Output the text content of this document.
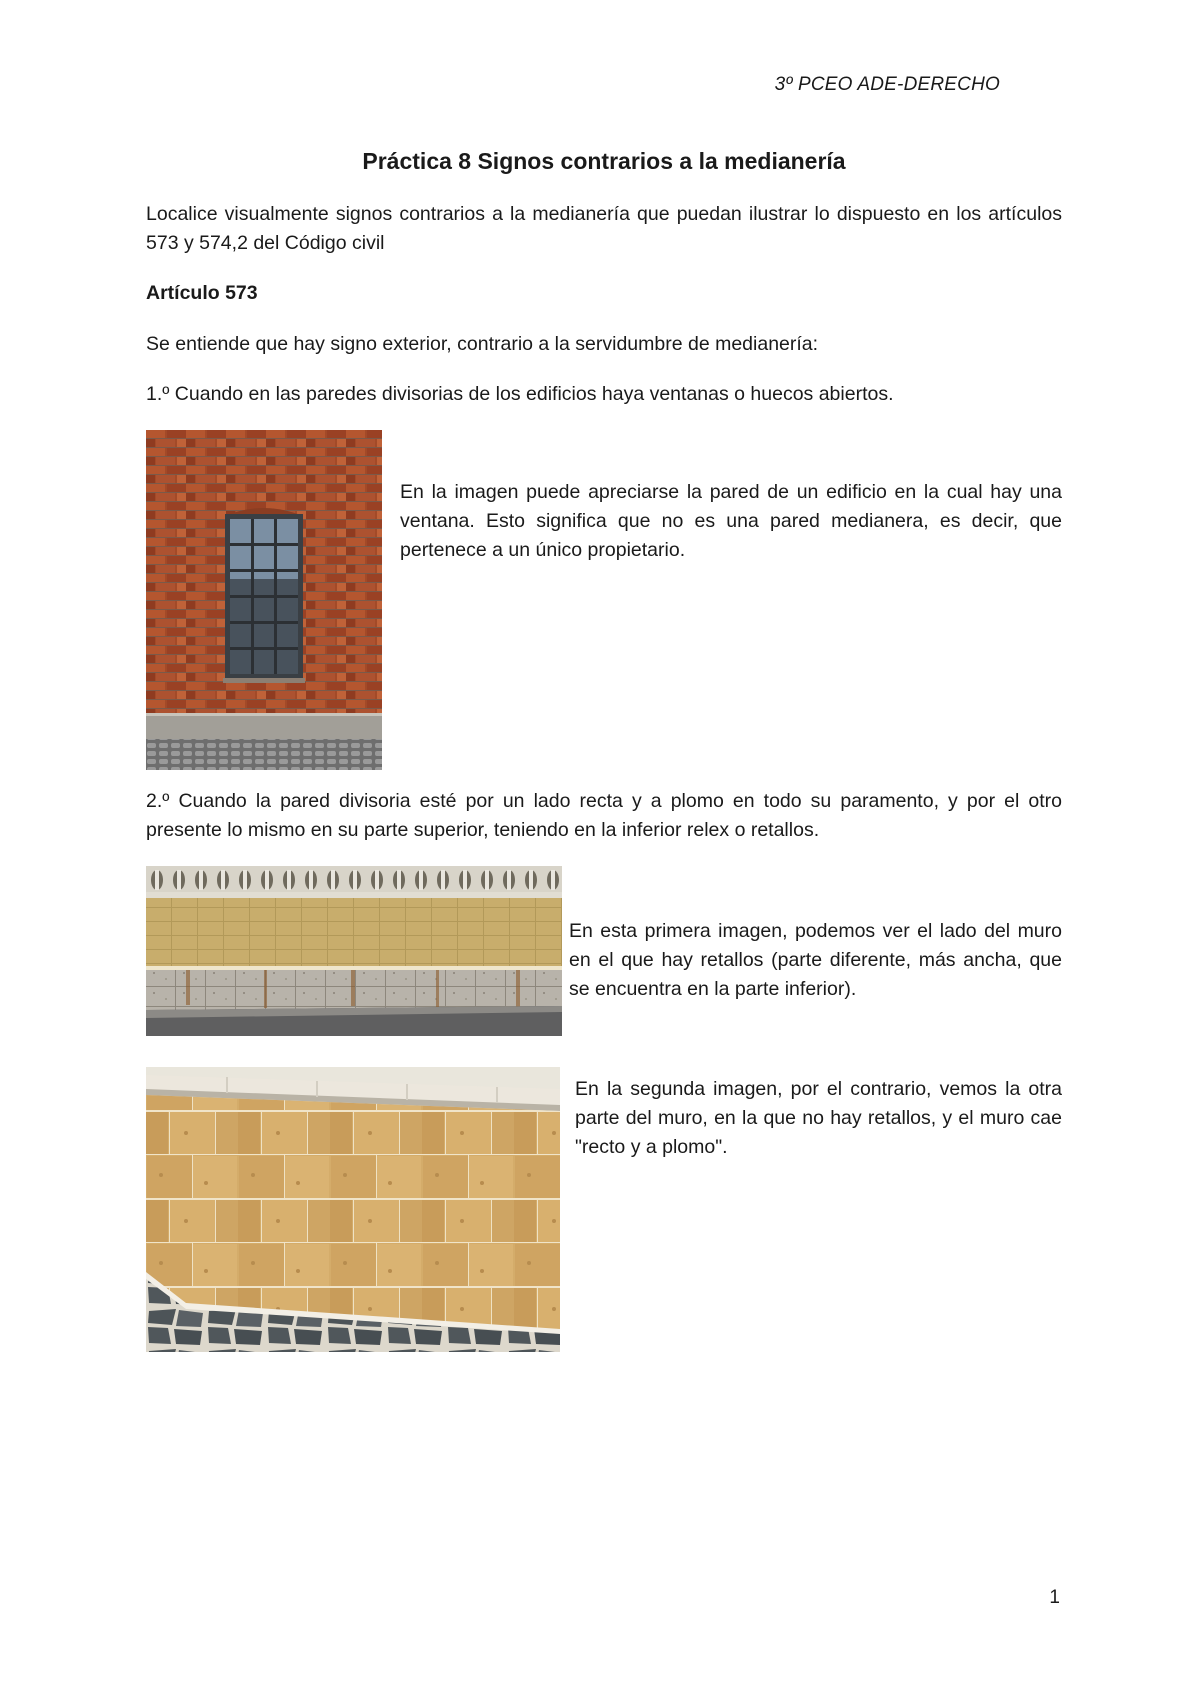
3º PCEO ADE-DERECHO
Práctica 8 Signos contrarios a la medianería
Localice visualmente signos contrarios a la medianería que puedan ilustrar lo dispuesto en los artículos 573 y 574,2 del Código civil
Artículo 573
Se entiende que hay signo exterior, contrario a la servidumbre de medianería:
1.º Cuando en las paredes divisorias de los edificios haya ventanas o huecos abiertos.
En la imagen puede apreciarse la pared de un edificio en la cual hay una ventana. Esto significa que no es una pared medianera, es decir, que pertenece a un único propietario.
2.º Cuando la pared divisoria esté por un lado recta y a plomo en todo su paramento, y por el otro presente lo mismo en su parte superior, teniendo en la inferior relex o retallos.
En esta primera imagen, podemos ver el lado del muro en el que hay retallos (parte diferente, más ancha, que se encuentra en la parte inferior).
En la segunda imagen, por el contrario, vemos la otra parte del muro, en la que no hay retallos, y el muro cae "recto y a plomo".
1
